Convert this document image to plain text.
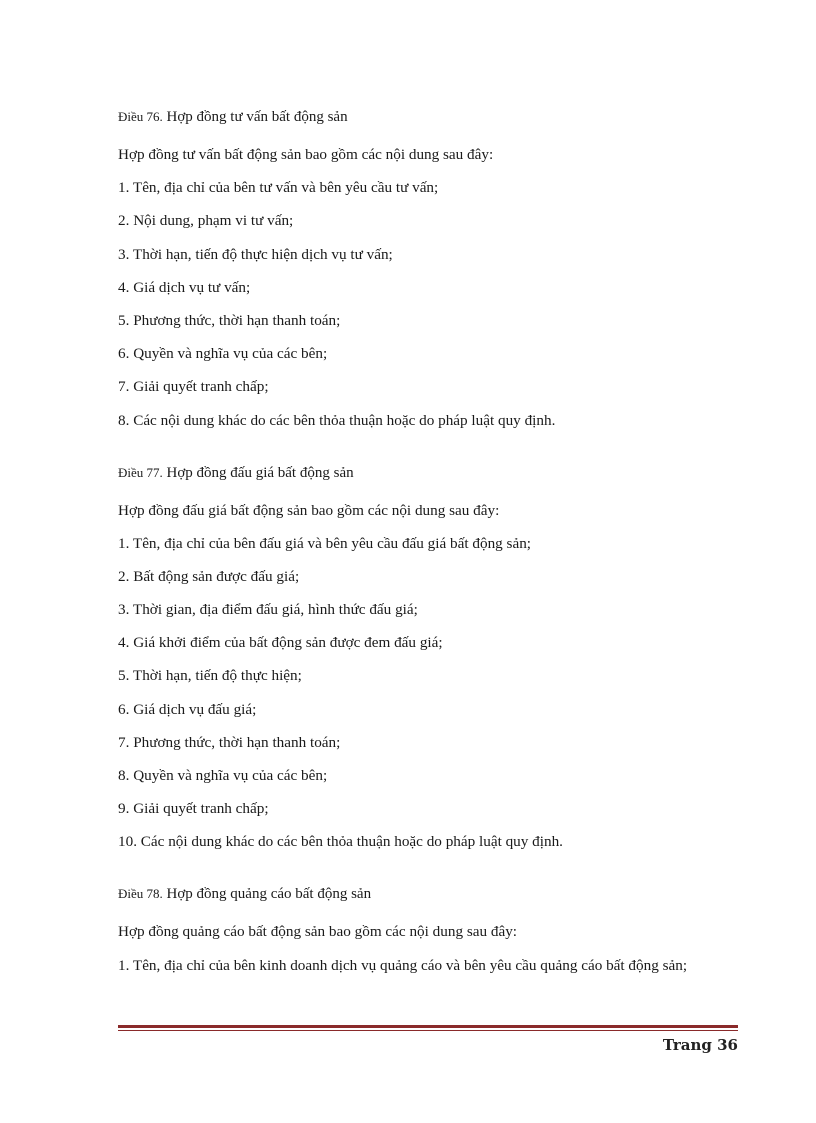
Điều 76. Hợp đồng tư vấn bất động sản

Hợp đồng tư vấn bất động sản bao gồm các nội dung sau đây:

1. Tên, địa chỉ của bên tư vấn và bên yêu cầu tư vấn;

2. Nội dung, phạm vi tư vấn;

3. Thời hạn, tiến độ thực hiện dịch vụ tư vấn;

4. Giá dịch vụ tư vấn;

5. Phương thức, thời hạn thanh toán;

6. Quyền và nghĩa vụ của các bên;

7. Giải quyết tranh chấp;

8. Các nội dung khác do các bên thỏa thuận hoặc do pháp luật quy định.

Điều 77. Hợp đồng đấu giá bất động sản

Hợp đồng đấu giá bất động sản bao gồm các nội dung sau đây:

1. Tên, địa chỉ của bên đấu giá và bên yêu cầu đấu giá bất động sản;

2. Bất động sản được đấu giá;

3. Thời gian, địa điểm đấu giá, hình thức đấu giá;

4. Giá khởi điểm của bất động sản được đem đấu giá;

5. Thời hạn, tiến độ thực hiện;

6. Giá dịch vụ đấu giá;

7. Phương thức, thời hạn thanh toán;

8. Quyền và nghĩa vụ của các bên;

9. Giải quyết tranh chấp;

10. Các nội dung khác do các bên thỏa thuận hoặc do pháp luật quy định.

Điều 78. Hợp đồng quảng cáo bất động sản

Hợp đồng quảng cáo bất động sản bao gồm các nội dung sau đây:

1. Tên, địa chỉ của bên kinh doanh dịch vụ quảng cáo và bên yêu cầu quảng cáo bất động sản;

Trang 36
